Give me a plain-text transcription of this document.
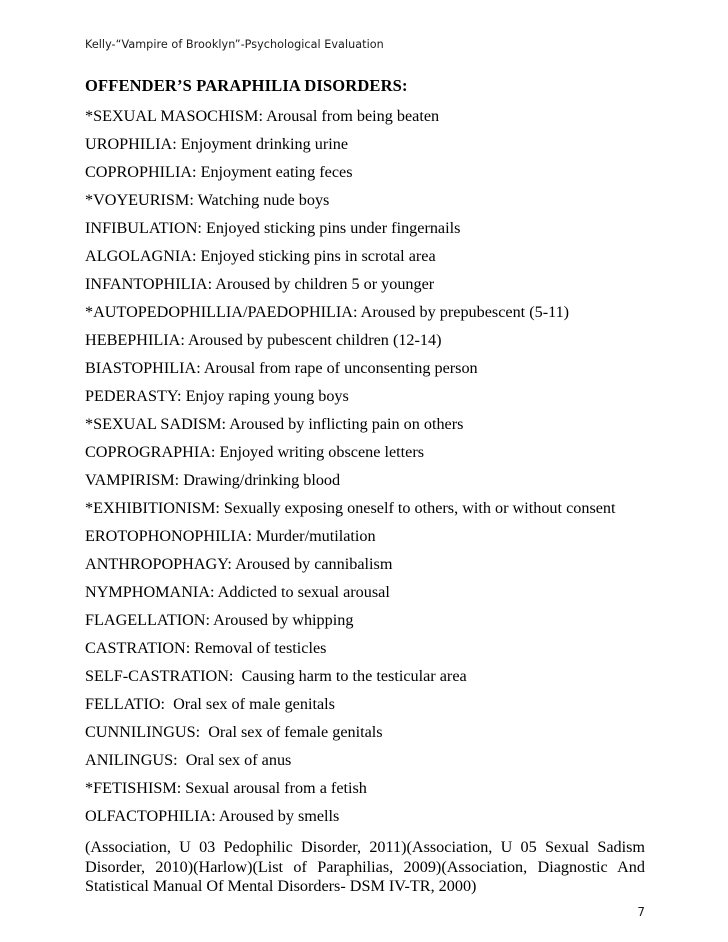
Kelly-“Vampire of Brooklyn”-Psychological Evaluation
OFFENDER’S PARAPHILIA DISORDERS:
*SEXUAL MASOCHISM: Arousal from being beaten
UROPHILIA: Enjoyment drinking urine
COPROPHILIA: Enjoyment eating feces
*VOYEURISM: Watching nude boys
INFIBULATION: Enjoyed sticking pins under fingernails
ALGOLAGNIA: Enjoyed sticking pins in scrotal area
INFANTOPHILIA: Aroused by children 5 or younger
*AUTOPEDOPHILLIA/PAEDOPHILIA: Aroused by prepubescent (5-11)
HEBEPHILIA: Aroused by pubescent children (12-14)
BIASTOPHILIA: Arousal from rape of unconsenting person
PEDERASTY: Enjoy raping young boys
*SEXUAL SADISM: Aroused by inflicting pain on others
COPROGRAPHIA: Enjoyed writing obscene letters
VAMPIRISM: Drawing/drinking blood
*EXHIBITIONISM: Sexually exposing oneself to others, with or without consent
EROTOPHONOPHILIA: Murder/mutilation
ANTHROPOPHAGY: Aroused by cannibalism
NYMPHOMANIA: Addicted to sexual arousal
FLAGELLATION: Aroused by whipping
CASTRATION: Removal of testicles
SELF-CASTRATION:  Causing harm to the testicular area
FELLATIO:  Oral sex of male genitals
CUNNILINGUS:  Oral sex of female genitals
ANILINGUS:  Oral sex of anus
*FETISHISM: Sexual arousal from a fetish
OLFACTOPHILIA: Aroused by smells

(Association, U 03 Pedophilic Disorder, 2011)(Association, U 05 Sexual Sadism Disorder, 2010)(Harlow)(List of Paraphilias, 2009)(Association, Diagnostic And Statistical Manual Of Mental Disorders- DSM IV-TR, 2000)

7
